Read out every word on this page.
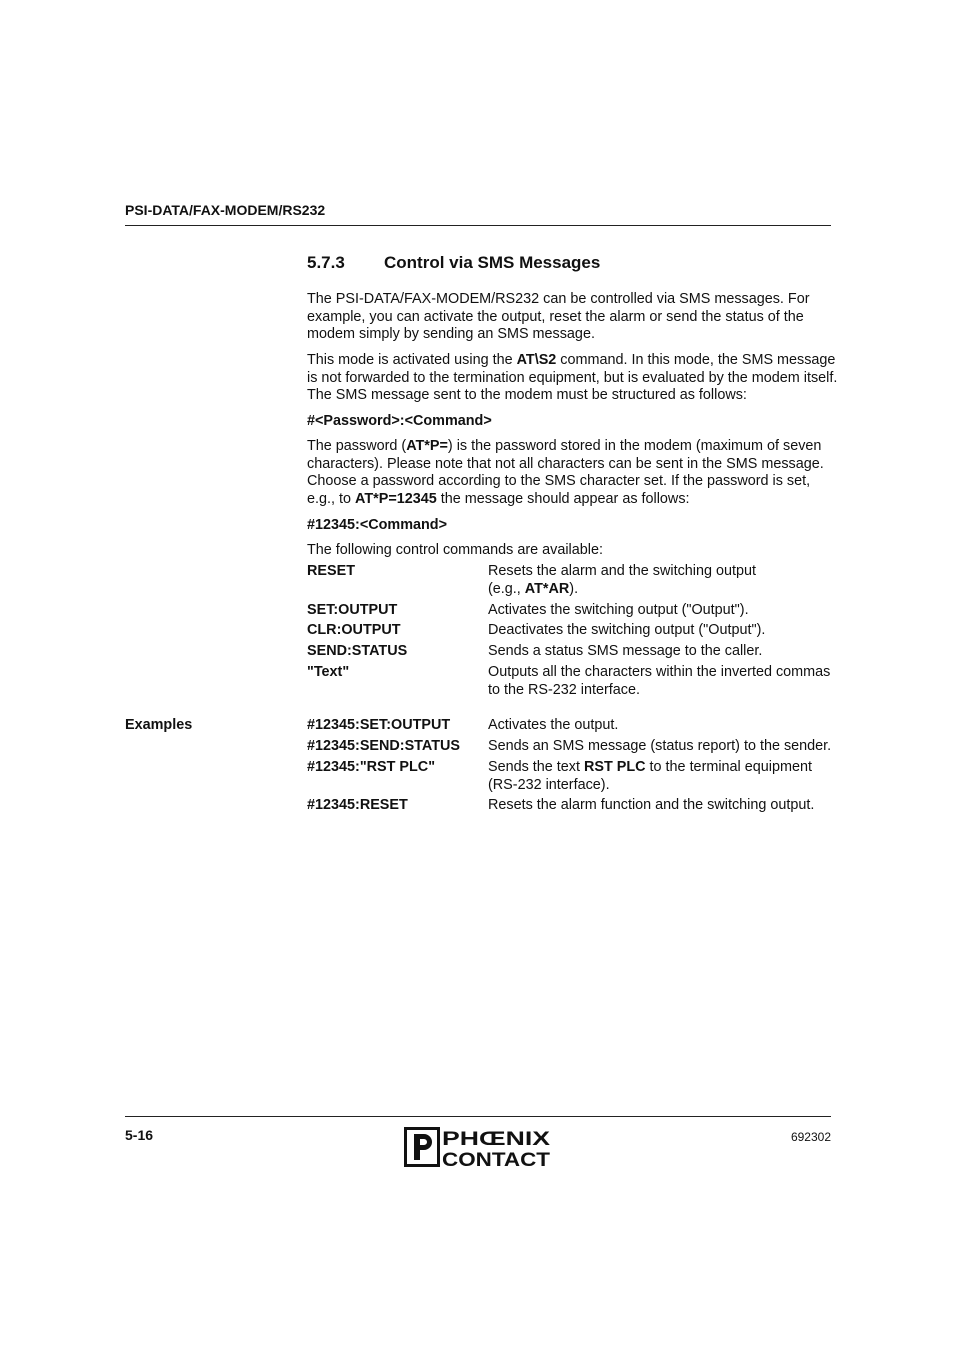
PSI-DATA/FAX-MODEM/RS232
5.7.3 Control via SMS Messages
The PSI-DATA/FAX-MODEM/RS232 can be controlled via SMS messages. For
example, you can activate the output, reset the alarm or send the status of the
modem simply by sending an SMS message.
This mode is activated using the AT\S2 command. In this mode, the SMS message
is not forwarded to the termination equipment, but is evaluated by the modem itself.
The SMS message sent to the modem must be structured as follows:
#<Password>:<Command>
The password (AT*P=) is the password stored in the modem (maximum of seven
characters). Please note that not all characters can be sent in the SMS message.
Choose a password according to the SMS character set. If the password is set,
e.g., to AT*P=12345 the message should appear as follows:
#12345:<Command>
The following control commands are available:
RESET	Resets the alarm and the switching output
(e.g., AT*AR).
SET:OUTPUT	Activates the switching output ("Output").
CLR:OUTPUT	Deactivates the switching output ("Output").
SEND:STATUS	Sends a status SMS message to the caller.
"Text"	Outputs all the characters within the inverted commas
to the RS-232 interface.
Examples	#12345:SET:OUTPUT	Activates the output.
#12345:SEND:STATUS Sends an SMS message (status report) to the sender.
#12345:"RST PLC"	Sends the text RST PLC to the terminal equipment
(RS-232 interface).
#12345:RESET	Resets the alarm function and the switching output.
5-16	PHŒNIX
CONTACT
692302
